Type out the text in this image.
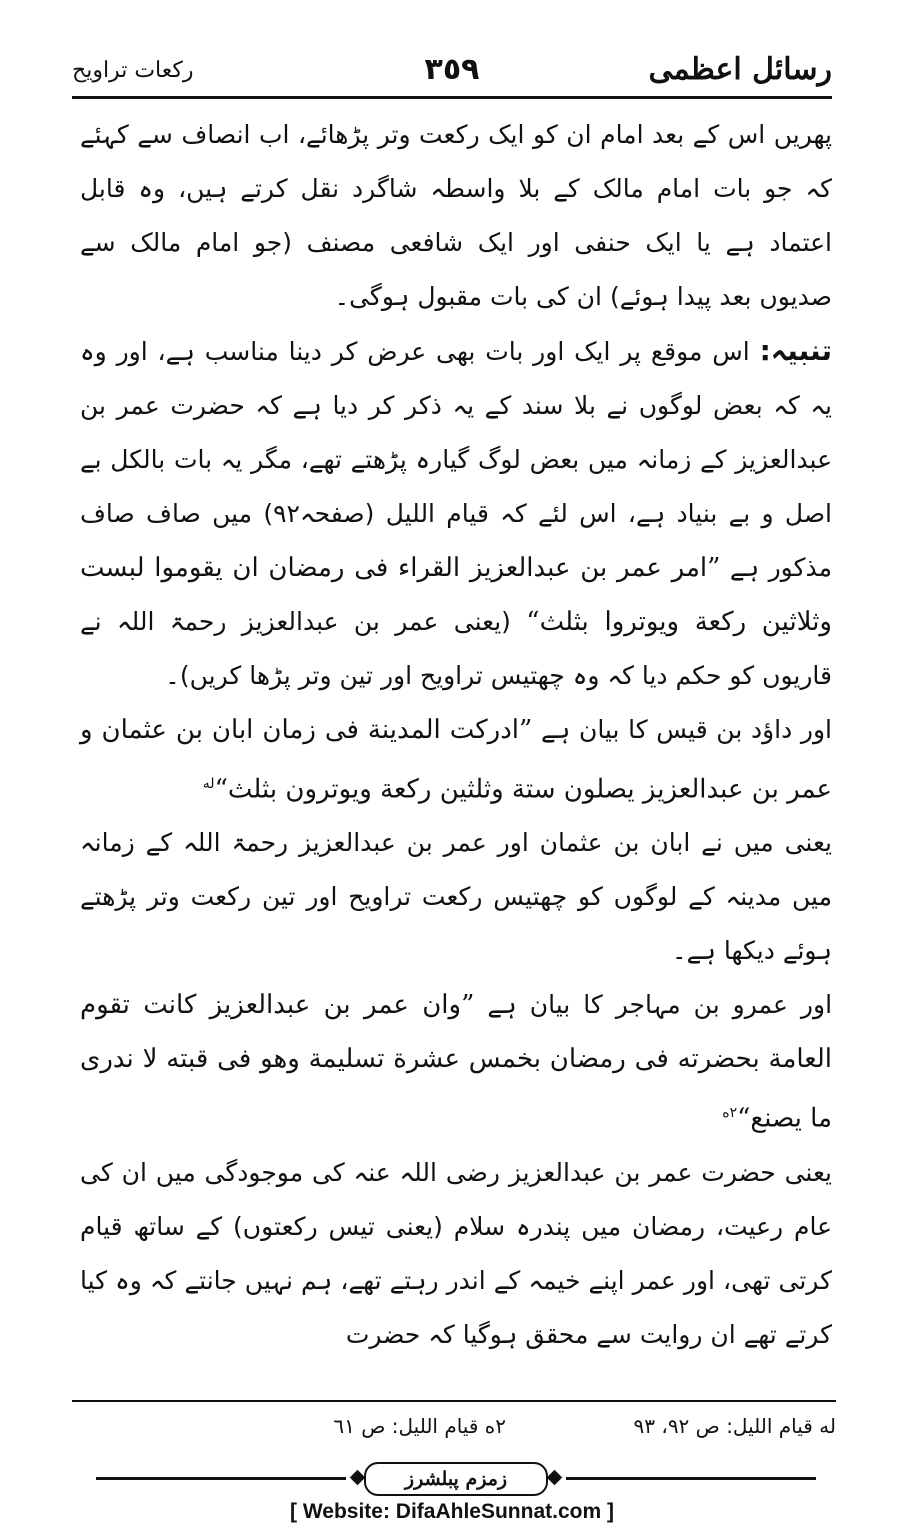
رسائل اعظمی
٣٥٩
رکعات تراویح

پھریں اس کے بعد امام ان کو ایک رکعت وتر پڑھائے، اب انصاف سے کہئے کہ جو بات امام مالک کے بلا واسطہ شاگرد نقل کرتے ہیں، وہ قابل اعتماد ہے یا ایک حنفی اور ایک شافعی مصنف (جو امام مالک سے صدیوں بعد پیدا ہوئے) ان کی بات مقبول ہوگی۔

تنبیہ: اس موقع پر ایک اور بات بھی عرض کر دینا مناسب ہے، اور وہ یہ کہ بعض لوگوں نے بلا سند کے یہ ذکر کر دیا ہے کہ حضرت عمر بن عبدالعزیز کے زمانہ میں بعض لوگ گیارہ پڑھتے تھے، مگر یہ بات بالکل بے اصل و بے بنیاد ہے، اس لئے کہ قیام اللیل (صفحہ۹۲) میں صاف صاف مذکور ہے ”امر عمر بن عبدالعزیز القراء فی رمضان ان یقوموا لبست وثلاثین رکعة ویوتروا بثلث“ (یعنی عمر بن عبدالعزیز رحمۃ اللہ نے قاریوں کو حکم دیا کہ وہ چھتیس تراویح اور تین وتر پڑھا کریں)۔

اور داؤد بن قیس کا بیان ہے ”ادرکت المدینة فی زمان ابان بن عثمان و عمر بن عبدالعزیز یصلون ستة وثلثین رکعة ویوترون بثلث“$^{له}$

یعنی میں نے ابان بن عثمان اور عمر بن عبدالعزیز رحمۃ اللہ کے زمانہ میں مدینہ کے لوگوں کو چھتیس رکعت تراویح اور تین رکعت وتر پڑھتے ہوئے دیکھا ہے۔

اور عمرو بن مہاجر کا بیان ہے ”وان عمر بن عبدالعزیز کانت تقوم العامة بحضرته فی رمضان بخمس عشرة تسلیمة وهو فی قبته لا ندری ما یصنع“$^{٢ه}$

یعنی حضرت عمر بن عبدالعزیز رضی اللہ عنہ کی موجودگی میں ان کی عام رعیت، رمضان میں پندرہ سلام (یعنی تیس رکعتوں) کے ساتھ قیام کرتی تھی، اور عمر اپنے خیمہ کے اندر رہتے تھے، ہم نہیں جانتے کہ وہ کیا کرتے تھے ان روایت سے محقق ہوگیا کہ حضرت

له قیام اللیل: ص ۹۲، ۹۳
٢ه قیام اللیل: ص ٦١
زمزم پبلشرز
[ Website: DifaAhleSunnat.com ]
